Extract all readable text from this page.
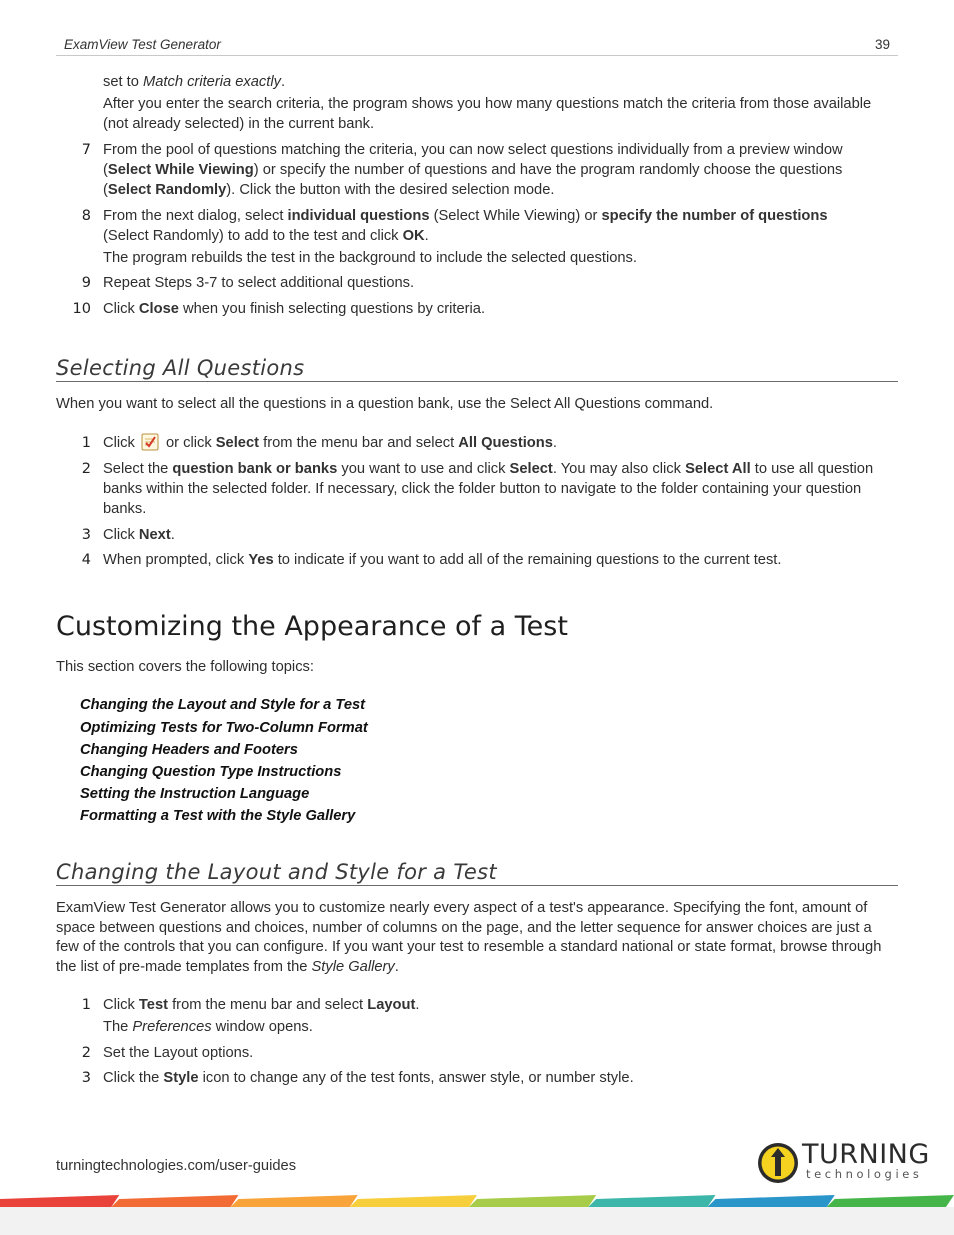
ExamView Test Generator	39
set to Match criteria exactly.
After you enter the search criteria, the program shows you how many questions match the criteria from those available
(not already selected) in the current bank.
7 From the pool of questions matching the criteria, you can now select questions individually from a preview window
(Select While Viewing) or specify the number of questions and have the program randomly choose the questions
(Select Randomly). Click the button with the desired selection mode.
8 From the next dialog, select individual questions (Select While Viewing) or specify the number of questions
(Select Randomly) to add to the test and click OK.
The program rebuilds the test in the background to include the selected questions.
9 Repeat Steps 3-7 to select additional questions.
10 Click Close when you finish selecting questions by criteria.
Selecting All Questions
When you want to select all the questions in a question bank, use the Select All Questions command.
1 Click  or click Select from the menu bar and select All Questions.
2 Select the question bank or banks you want to use and click Select. You may also click Select All to use all question
banks within the selected folder. If necessary, click the folder button to navigate to the folder containing your question
banks.
3 Click Next.
4 When prompted, click Yes to indicate if you want to add all of the remaining questions to the current test.
Customizing the Appearance of a Test
This section covers the following topics:
Changing the Layout and Style for a Test
Optimizing Tests for Two-Column Format
Changing Headers and Footers
Changing Question Type Instructions
Setting the Instruction Language
Formatting a Test with the Style Gallery
Changing the Layout and Style for a Test
ExamView Test Generator allows you to customize nearly every aspect of a test's appearance. Specifying the font, amount of
space between questions and choices, number of columns on the page, and the letter sequence for answer choices are just a
few of the controls that you can configure. If you want your test to resemble a standard national or state format, browse through
the list of pre-made templates from the Style Gallery.
1 Click Test from the menu bar and select Layout.
The Preferences window opens.
2 Set the Layout options.
3 Click the Style icon to change any of the test fonts, answer style, or number style.
turningtechnologies.com/user-guides	TURNING
technologies
